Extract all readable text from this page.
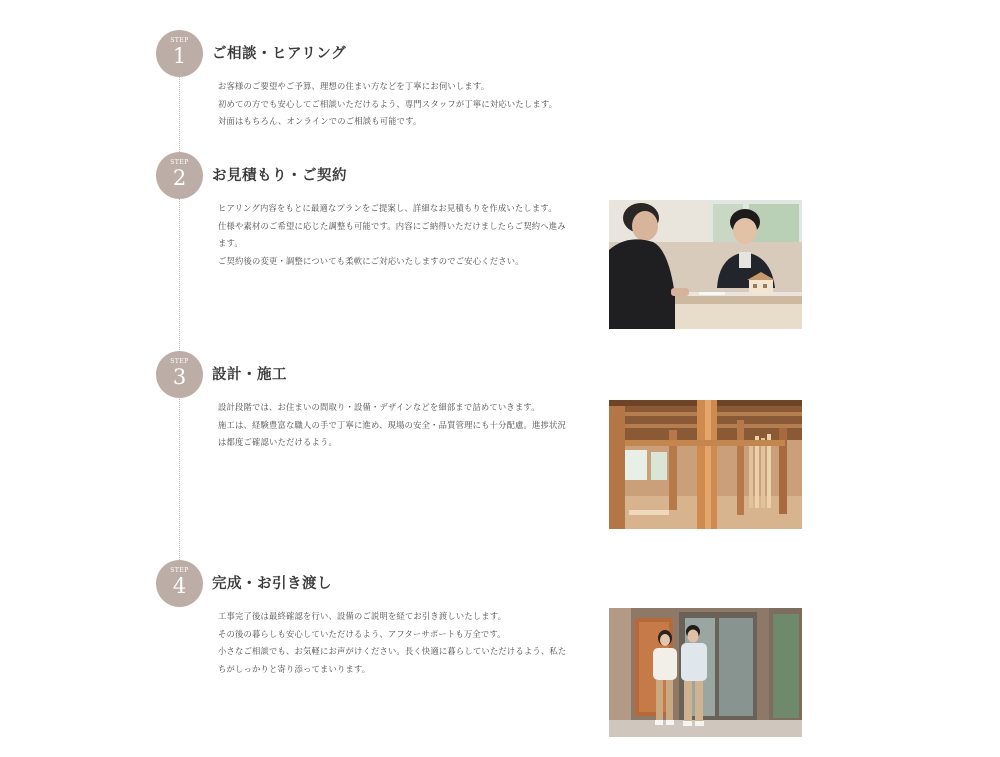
STEP
1	ご相談・ヒアリング

お客様のご要望やご予算、理想の住まい方などを丁寧にお伺いします。

初めての方でも安心してご相談いただけるよう、専門スタッフが丁寧に対応いたします。

対面はもちろん、オンラインでのご相談も可能です。

STEP
2	お見積もり・ご契約

ヒアリング内容をもとに最適なプランをご提案し、詳細なお見積もりを作成いたします。

仕様や素材のご希望に応じた調整も可能です。内容にご納得いただけましたらご契約へ進み

ます。

ご契約後の変更・調整についても柔軟にご対応いたしますのでご安心ください。

STEP
3	設計・施工

設計段階では、お住まいの間取り・設備・デザインなどを細部まで詰めていきます。

施工は、経験豊富な職人の手で丁寧に進め、現場の安全・品質管理にも十分配慮。進捗状況

は都度ご確認いただけるよう。

STEP
4	完成・お引き渡し

工事完了後は最終確認を行い、設備のご説明を経てお引き渡しいたします。

その後の暮らしも安心していただけるよう、アフターサポートも万全です。

小さなご相談でも、お気軽にお声がけください。長く快適に暮らしていただけるよう、私た

ちがしっかりと寄り添ってまいります。
